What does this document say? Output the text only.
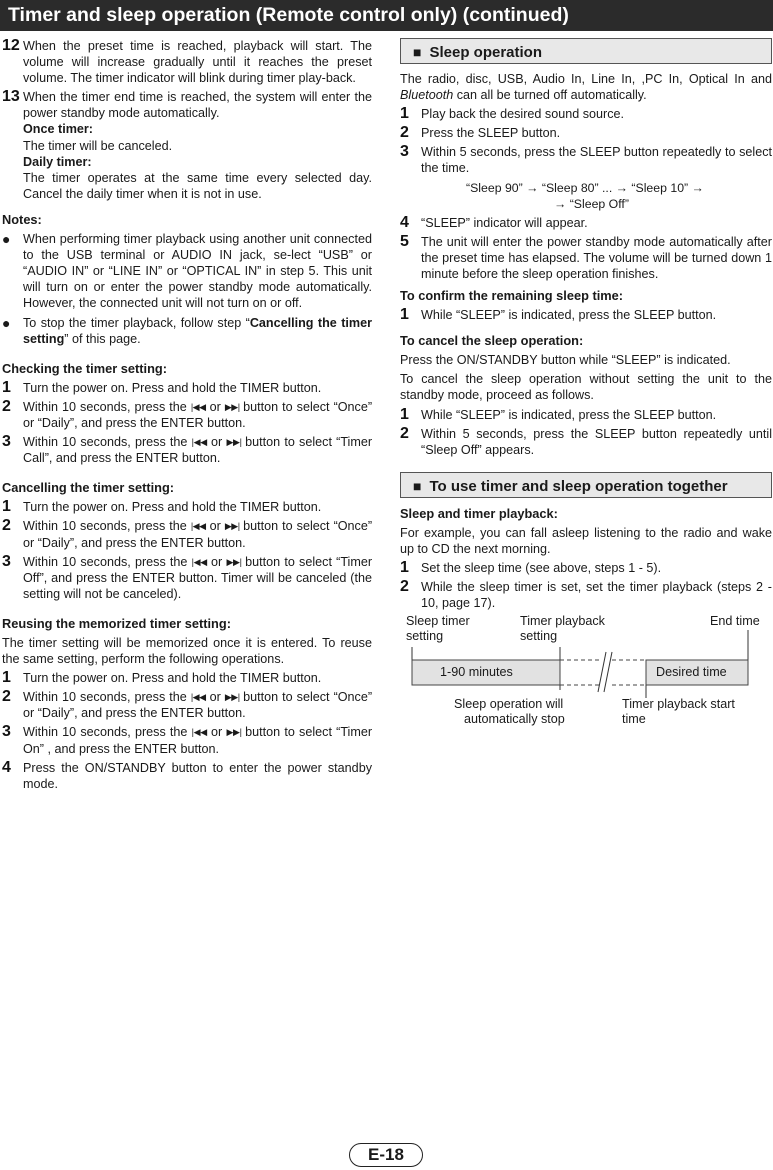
Timer and sleep operation (Remote control only) (continued)
12 When the preset time is reached, playback will start. The volume will increase gradually until it reaches the preset volume. The timer indicator will blink during timer play-back.
13 When the timer end time is reached, the system will enter the power standby mode automatically.
Once timer:
The timer will be canceled.
Daily timer:
The timer operates at the same time every selected day. Cancel the daily timer when it is not in use.
Notes:
● When performing timer playback using another unit connected to the USB terminal or AUDIO IN jack, se-lect “USB” or “AUDIO IN” or “LINE IN” or “OPTICAL IN” in step 5. This unit will turn on or enter the power standby mode automatically. However, the connected unit will not turn on or off.
● To stop the timer playback, follow step “Cancelling the timer setting” of this page.
Checking the timer setting:
1 Turn the power on. Press and hold the TIMER button.
2 Within 10 seconds, press the |◀◀ or ▶▶| button to select “Once” or “Daily”, and press the ENTER button.
3 Within 10 seconds, press the |◀◀ or ▶▶| button to select “Timer Call”, and press the ENTER button.
Cancelling the timer setting:
1 Turn the power on. Press and hold the TIMER button.
2 Within 10 seconds, press the |◀◀ or ▶▶| button to select “Once” or “Daily”, and press the ENTER button.
3 Within 10 seconds, press the |◀◀ or ▶▶| button to select “Timer Off”, and press the ENTER button. Timer will be canceled (the setting will not be canceled).
Reusing the memorized timer setting:
The timer setting will be memorized once it is entered. To reuse the same setting, perform the following operations.
1 Turn the power on. Press and hold the TIMER button.
2 Within 10 seconds, press the |◀◀ or ▶▶| button to select “Once” or “Daily”, and press the ENTER button.
3 Within 10 seconds, press the |◀◀ or ▶▶| button to select “Timer On” , and press the ENTER button.
4 Press the ON/STANDBY button to enter the power standby mode.
■ Sleep operation
The radio, disc, USB, Audio In, Line In, ,PC In, Optical In and Bluetooth can all be turned off automatically.
1 Play back the desired sound source.
2 Press the SLEEP button.
3 Within 5 seconds, press the SLEEP button repeatedly to select the time.
“Sleep 90” → “Sleep 80” ... → “Sleep 10” →
→ “Sleep Off”
4 “SLEEP” indicator will appear.
5 The unit will enter the power standby mode automatically after the preset time has elapsed. The volume will be turned down 1 minute before the sleep operation finishes.
To confirm the remaining sleep time:
1 While “SLEEP” is indicated, press the SLEEP button.
To cancel the sleep operation:
Press the ON/STANDBY button while “SLEEP” is indicated.
To cancel the sleep operation without setting the unit to the standby mode, proceed as follows.
1 While “SLEEP” is indicated, press the SLEEP button.
2 Within 5 seconds, press the SLEEP button repeatedly until “Sleep Off” appears.
■ To use timer and sleep operation together
Sleep and timer playback:
For example, you can fall asleep listening to the radio and wake up to CD the next morning.
1 Set the sleep time (see above, steps 1 - 5).
2 While the sleep timer is set, set the timer playback (steps 2 - 10, page 17).
Sleep timer
setting
Timer playback
setting
End time
1-90 minutes	Desired time
Sleep operation will
automatically stop
Timer playback start
time
E-18
